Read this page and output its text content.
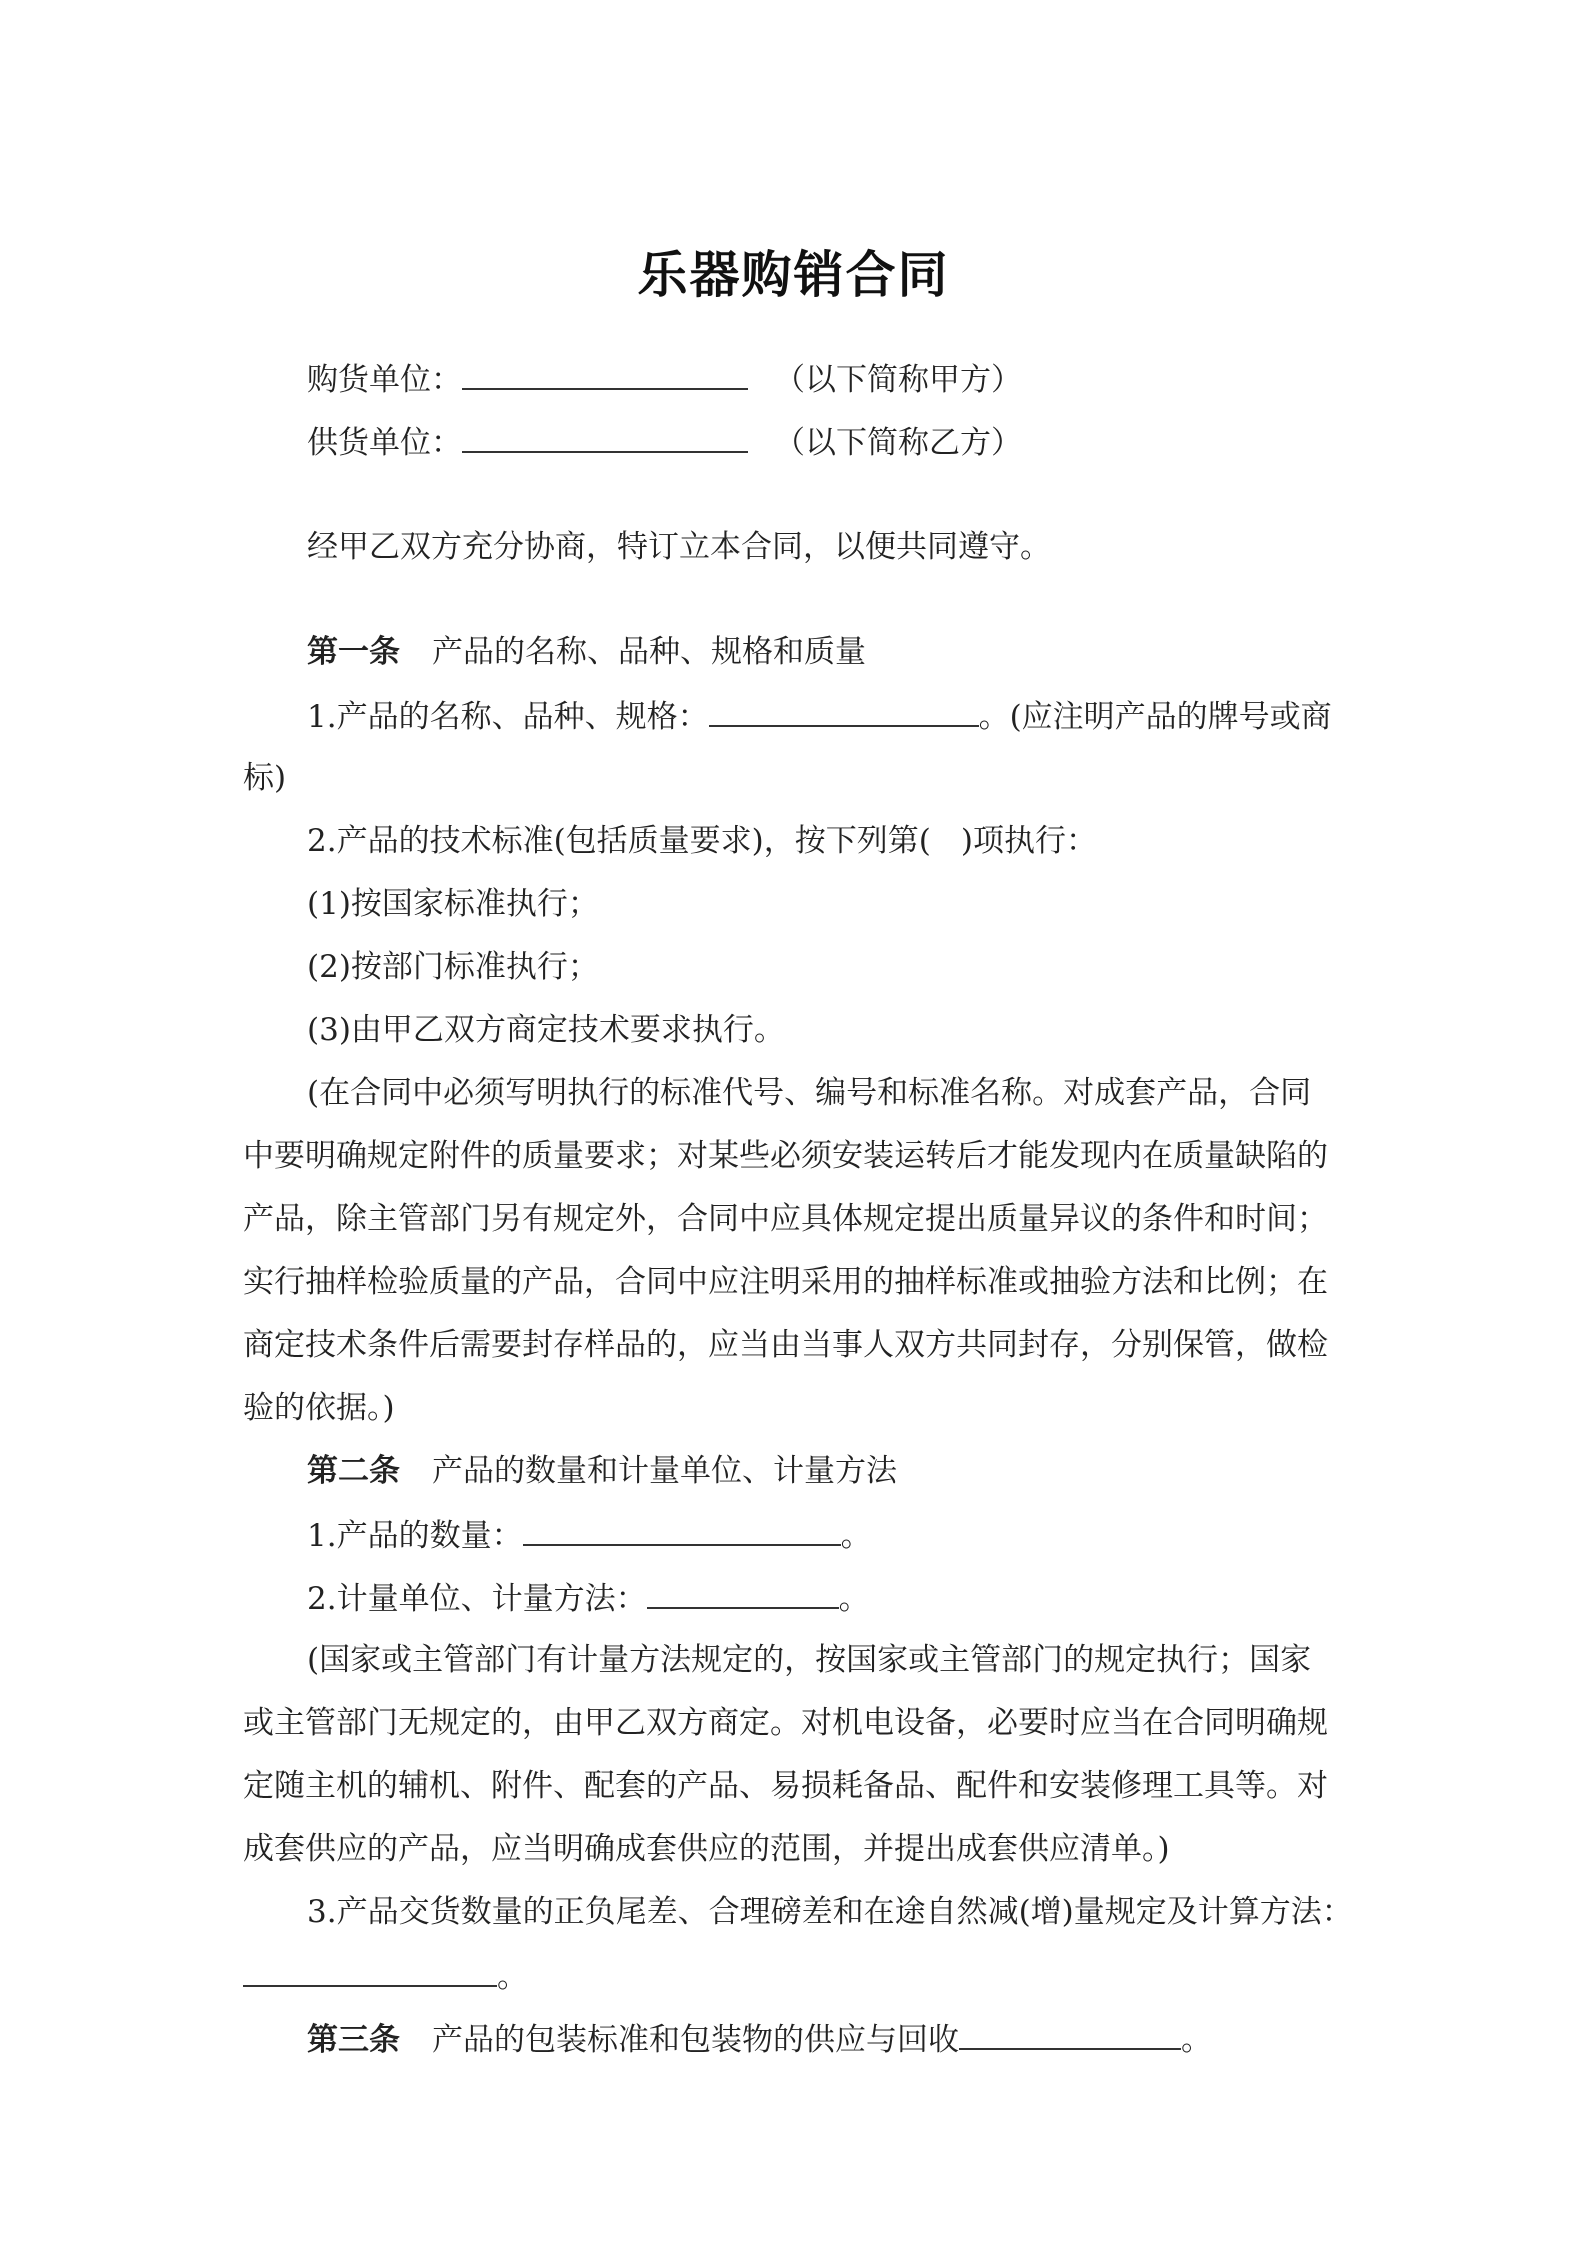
乐器购销合同
购货单位：	（以下简称甲方）
供货单位：	（以下简称乙方）
经甲乙双方充分协商，特订立本合同，以便共同遵守。
第一条 产品的名称、品种、规格和质量
1.产品的名称、品种、规格：	。(应注明产品的牌号或商
标)
2.产品的技术标准(包括质量要求)，按下列第( )项执行：
(1)按国家标准执行；
(2)按部门标准执行；
(3)由甲乙双方商定技术要求执行。
(在合同中必须写明执行的标准代号、编号和标准名称。对成套产品，合同
中要明确规定附件的质量要求；对某些必须安装运转后才能发现内在质量缺陷的
产品，除主管部门另有规定外，合同中应具体规定提出质量异议的条件和时间；
实行抽样检验质量的产品，合同中应注明采用的抽样标准或抽验方法和比例；在
商定技术条件后需要封存样品的，应当由当事人双方共同封存，分别保管，做检
验的依据。)
第二条 产品的数量和计量单位、计量方法
1.产品的数量：	。
2.计量单位、计量方法：	。
(国家或主管部门有计量方法规定的，按国家或主管部门的规定执行；国家
或主管部门无规定的，由甲乙双方商定。对机电设备，必要时应当在合同明确规
定随主机的辅机、附件、配套的产品、易损耗备品、配件和安装修理工具等。对
成套供应的产品，应当明确成套供应的范围，并提出成套供应清单。)
3.产品交货数量的正负尾差、合理磅差和在途自然减(增)量规定及计算方法：
。
第三条 产品的包装标准和包装物的供应与回收	。
